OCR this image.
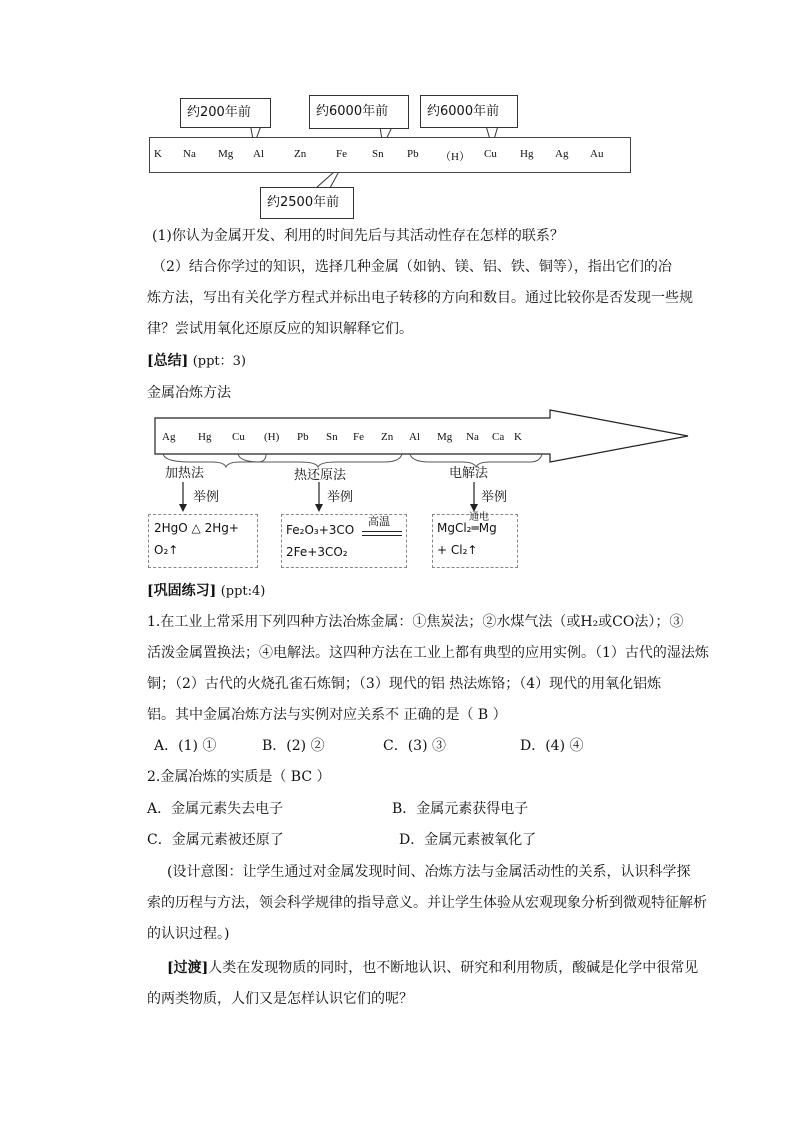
约200年前	约6000年前	约6000年前
K Na Mg Al	Zn	Fe Sn Pb （H） Cu Hg Ag Au
约2500年前
(1)你认为金属开发、利用的时间先后与其活动性存在怎样的联系？
（2）结合你学过的知识，选择几种金属（如钠、镁、铝、铁、铜等），指出它们的冶
炼方法，写出有关化学方程式并标出电子转移的方向和数目。通过比较你是否发现一些规
律？尝试用氧化还原反应的知识解释它们。
[总结] (ppt：3)
金属冶炼方法
Ag Hg Cu (H) Pb Sn Fe Zn Al Mg Na Ca K
加热法	热还原法	电解法
举例	举例	举例
2HgO △ 2Hg+
O₂↑
Fe₂O₃+3CO
高温
2Fe+3CO₂
MgCl₂═Mg
通电
+ Cl₂↑
[巩固练习] (ppt:4)
1.在工业上常采用下列四种方法冶炼金属：①焦炭法；②水煤气法（或H₂或CO法）；③
活泼金属置换法；④电解法。这四种方法在工业上都有典型的应用实例。（1）古代的湿法炼
铜；（2）古代的火烧孔雀石炼铜；（3）现代的铝 热法炼铬；（4）现代的用氧化铝炼
铝。其中金属冶炼方法与实例对应关系不 正确的是（ B ）
A．(1) ①	B．(2) ②	C．(3) ③	D．(4) ④
2.金属冶炼的实质是（ BC ）
A．金属元素失去电子	B．金属元素获得电子
C．金属元素被还原了	D．金属元素被氧化了
(设计意图：让学生通过对金属发现时间、冶炼方法与金属活动性的关系，认识科学探
索的历程与方法，领会科学规律的指导意义。并让学生体验从宏观现象分析到微观特征解析
的认识过程。)
[过渡]人类在发现物质的同时，也不断地认识、研究和利用物质，酸碱是化学中很常见
的两类物质，人们又是怎样认识它们的呢？
